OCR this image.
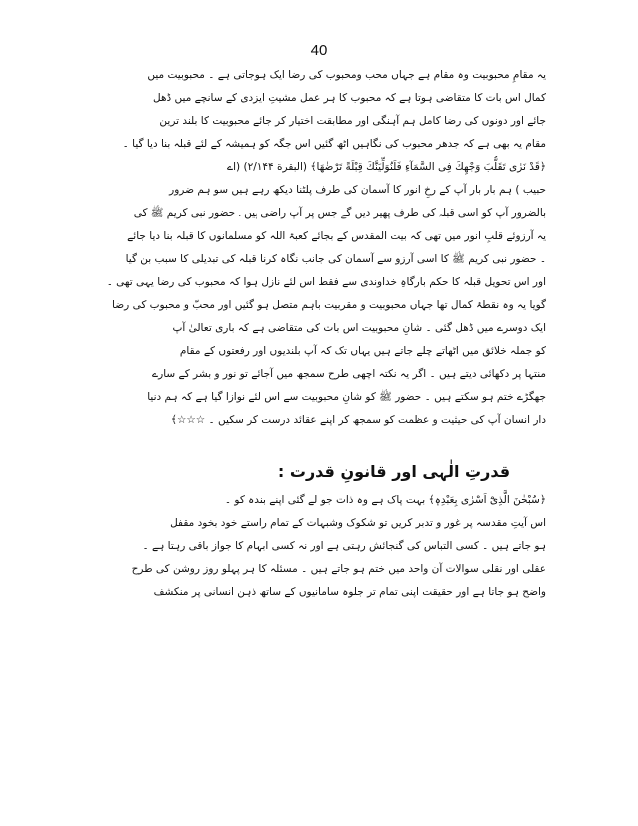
40
یہ مقامِ محبوبیت وہ مقام ہے جہاں محب ومحبوب کی رضا ایک ہوجاتی ہے ۔ محبوبیت میں
کمال اس بات کا متقاضی ہوتا ہے کہ محبوب کا ہر عمل مشیتِ ایزدی کے سانچے میں ڈھل
جائے اور دونوں کی رضا کامل ہم آہنگی اور مطابقت اختیار کر جائے محبوبیت کا بلند ترین
مقام یہ بھی ہے کہ جدھر محبوب کی نگاہیں اٹھ گئیں اس جگہ کو ہمیشہ کے لئے قبلہ بنا دیا گیا ۔
﴿قَدْ نَرٰی تَقَلُّبَ وَجْهِكَ فِی السَّمَآءِ فَلَنُوَلِّيَنَّكَ قِبْلَةً تَرْضٰهَا﴾ (البقرة ۲/۱۴۴) (اے
حبیب ) ہم بار بار آپ کے رخِ انور کا آسمان کی طرف پلٹنا دیکھ رہے ہیں سو ہم ضرور
بالضرور آپ کو اسی قبلہ کی طرف پھیر دیں گے جس پر آپ راضی ہیں ۔ حضور نبی کریم ﷺ کی
یہ آرزوئے قلبِ انور میں تھی کہ بیت المقدس کے بجائے کعبۃ اللہ کو مسلمانوں کا قبلہ بنا دیا جائے
۔ حضور نبی کریم ﷺ کا اسی آرزو سے آسمان کی جانب نگاہ کرنا قبلہ کی تبدیلی کا سبب بن گیا
اور اس تحویل قبلہ کا حکم بارگاہِ خداوندی سے فقط اس لئے نازل ہوا کہ محبوب کی رضا یہی تھی ۔
گویا یہ وہ نقطۂ کمال تھا جہاں محبوبیت و مقربیت باہم متصل ہو گئیں اور محبّ و محبوب کی رضا
ایک دوسرے میں ڈھل گئی ۔ شانِ محبوبیت اس بات کی متقاضی ہے کہ باری تعالیٰ آپ
کو جملہ خلائق میں اٹھاتے چلے جاتے ہیں یہاں تک کہ آپ بلندیوں اور رفعتوں کے مقام
منتہا پر دکھائی دیتے ہیں ۔ اگر یہ نکتہ اچھی طرح سمجھ میں آجائے تو نور و بشر کے سارے
جھگڑے ختم ہو سکتے ہیں ۔ حضور ﷺ کو شانِ محبوبیت سے اس لئے نوازا گیا ہے کہ ہم دنیا
دار انسان آپ کی حیثیت و عظمت کو سمجھ کر اپنے عقائد درست کر سکیں ۔ ☆☆☆﴾
قدرتِ الٰہی اور قانونِ قدرت :
﴿سُبْحٰنَ الَّذِیْٓ اَسْرٰی بِعَبْدِهٖ﴾ بہت پاک ہے وہ ذات جو لے گئی اپنے بندہ کو ۔
اس آیتِ مقدسہ پر غور و تدبر کریں تو شکوک وشبہات کے تمام راستے خود بخود مقفل
ہو جاتے ہیں ۔ کسی التباس کی گنجائش رہتی ہے اور نہ کسی ابہام کا جواز باقی رہتا ہے ۔
عقلی اور نقلی سوالات آن واحد میں ختم ہو جاتے ہیں ۔ مسئلہ کا ہر پہلو روز روشن کی طرح
واضح ہو جاتا ہے اور حقیقت اپنی تمام تر جلوہ سامانیوں کے ساتھ ذہن انسانی پر منکشف
